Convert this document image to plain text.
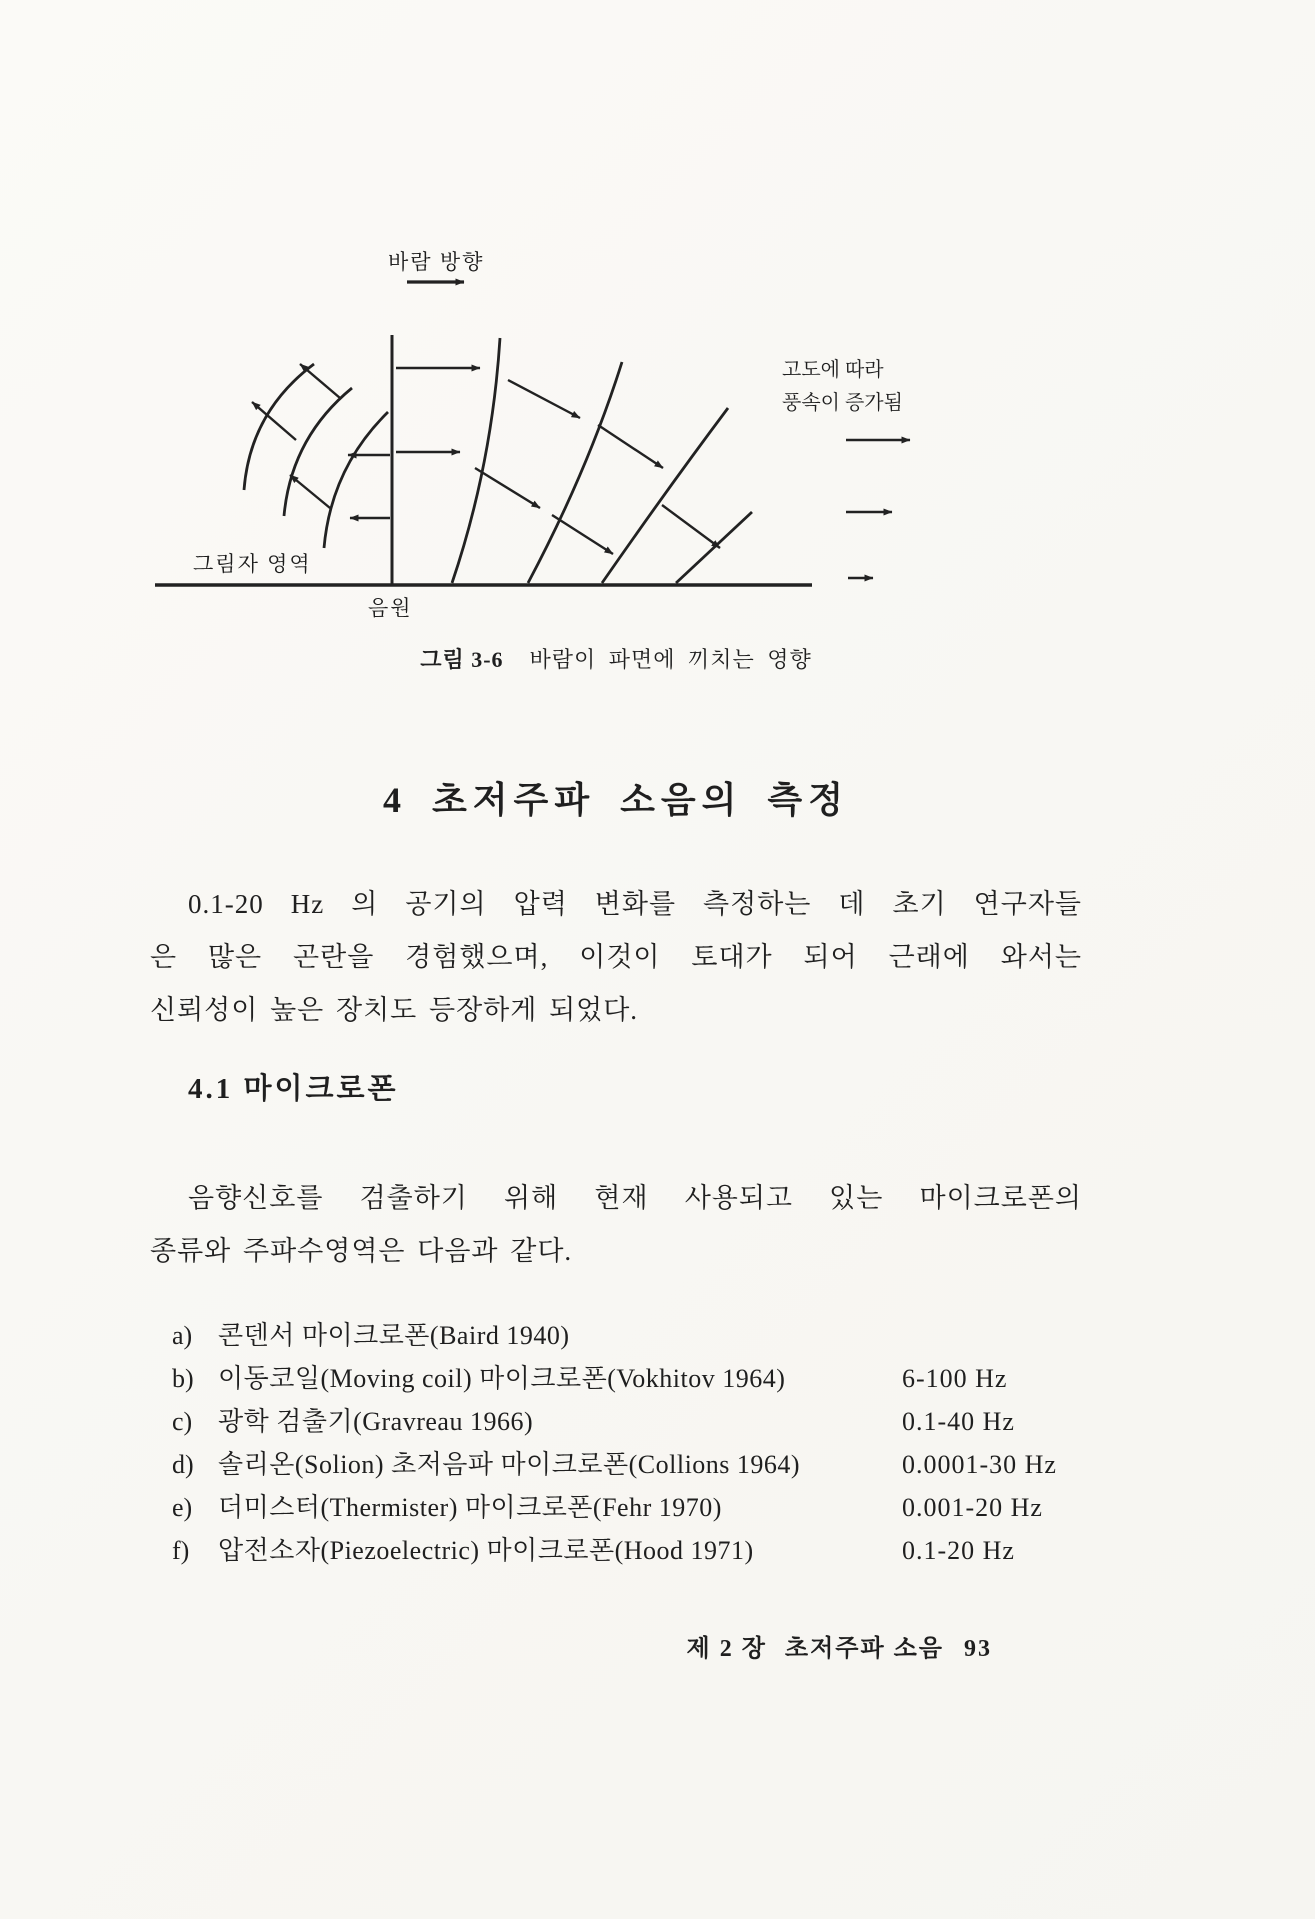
바람 방향
고도에 따라
풍속이 증가됨
그림자 영역
음원
그림 3-6 바람이 파면에 끼치는 영향
4 초저주파 소음의 측정
0.1-20 Hz 의 공기의 압력 변화를 측정하는 데 초기 연구자들
은 많은 곤란을 경험했으며, 이것이 토대가 되어 근래에 와서는
신뢰성이 높은 장치도 등장하게 되었다.
4.1 마이크로폰
음향신호를 검출하기 위해 현재 사용되고 있는 마이크로폰의
종류와 주파수영역은 다음과 같다.
a) 콘덴서 마이크로폰(Baird 1940)
b) 이동코일(Moving coil) 마이크로폰(Vokhitov 1964)	6-100 Hz
c) 광학 검출기(Gravreau 1966)	0.1-40 Hz
d) 솔리온(Solion) 초저음파 마이크로폰(Collions 1964)	0.0001-30 Hz
e) 더미스터(Thermister) 마이크로폰(Fehr 1970)	0.001-20 Hz
f)	압전소자(Piezoelectric) 마이크로폰(Hood 1971)	0.1-20 Hz
제 2 장 초저주파 소음 93
